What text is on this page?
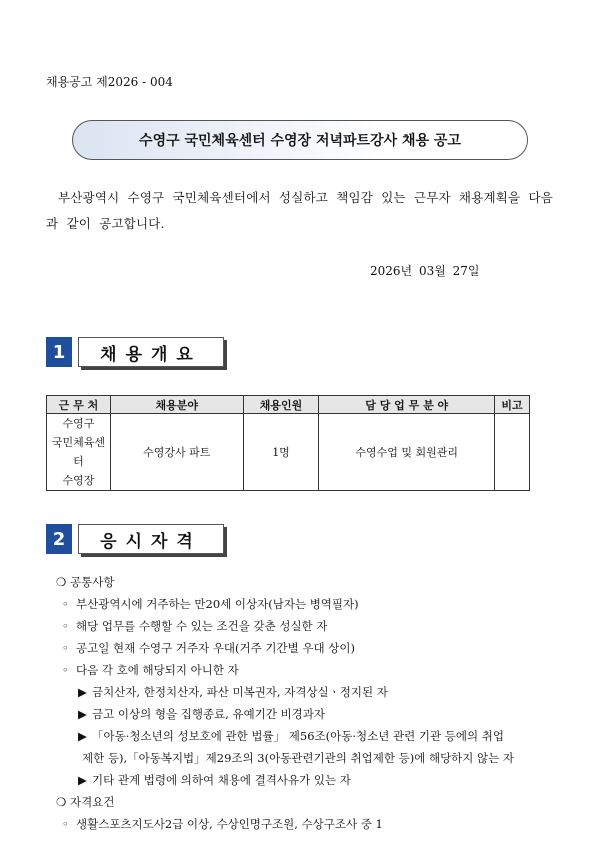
채용공고 제2026 - 004
수영구 국민체육센터 수영장 저녁파트강사 채용 공고
부산광역시 수영구 국민체육센터에서 성실하고 책임감 있는 근무자 채용계획을 다음과 같이 공고합니다.
2026년 03월 27일
1	채용개요
근 무 처	채용분야	채용인원	담 당 업 무 분 야	비고

수영구
국민체육센터
수영장	수영강사 파트	1명	수영수업 및 회원관리	
2	응시자격
❍ 공통사항
◦ 부산광역시에 거주하는 만20세 이상자(남자는 병역필자)
◦ 해당 업무를 수행할 수 있는 조건을 갖춘 성실한 자
◦ 공고일 현재 수영구 거주자 우대(거주 기간별 우대 상이)
◦ 다음 각 호에 해당되지 아니한 자
▶ 금치산자, 한정치산자, 파산 미복권자, 자격상실ㆍ정지된 자
▶ 금고 이상의 형을 집행종료, 유예기간 비경과자
▶ 「아동·청소년의 성보호에 관한 법률」 제56조(아동·청소년 관련 기관 등에의 취업
제한 등),「아동복지법」제29조의 3(아동관련기관의 취업제한 등)에 해당하지 않는 자
▶ 기타 관계 법령에 의하여 채용에 결격사유가 있는 자
❍ 자격요건
◦ 생활스포츠지도사2급 이상, 수상인명구조원, 수상구조사 중 1
